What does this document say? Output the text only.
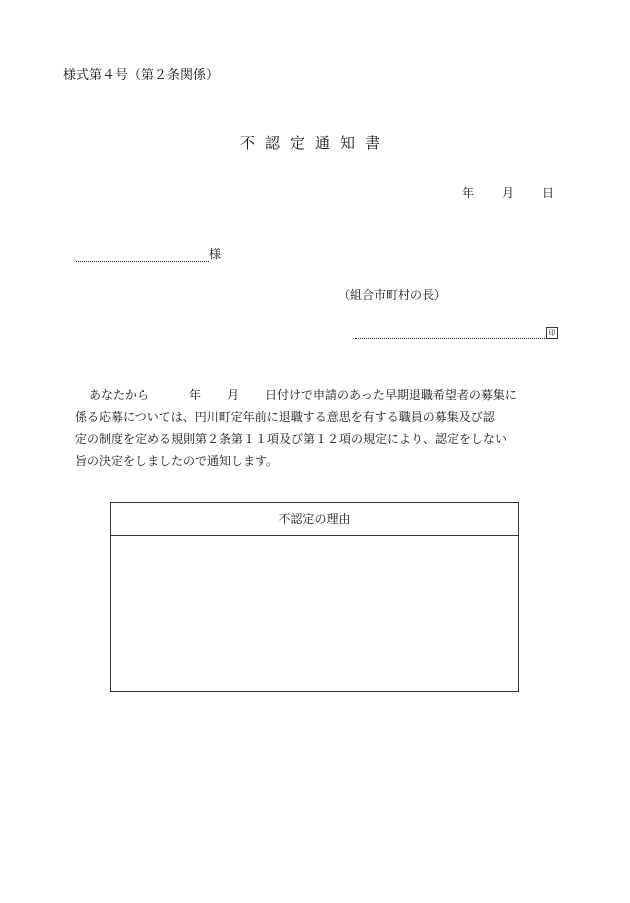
様式第４号（第２条関係）
不認定通知書
年 月 日
様
（組合市町村の長）
印
あなたから	年 月 日付けで申請のあった早期退職希望者の募集に
係る応募については、円川町定年前に退職する意思を有する職員の募集及び認
定の制度を定める規則第２条第１１項及び第１２項の規定により、認定をしない
旨の決定をしましたので通知します。
不認定の理由
